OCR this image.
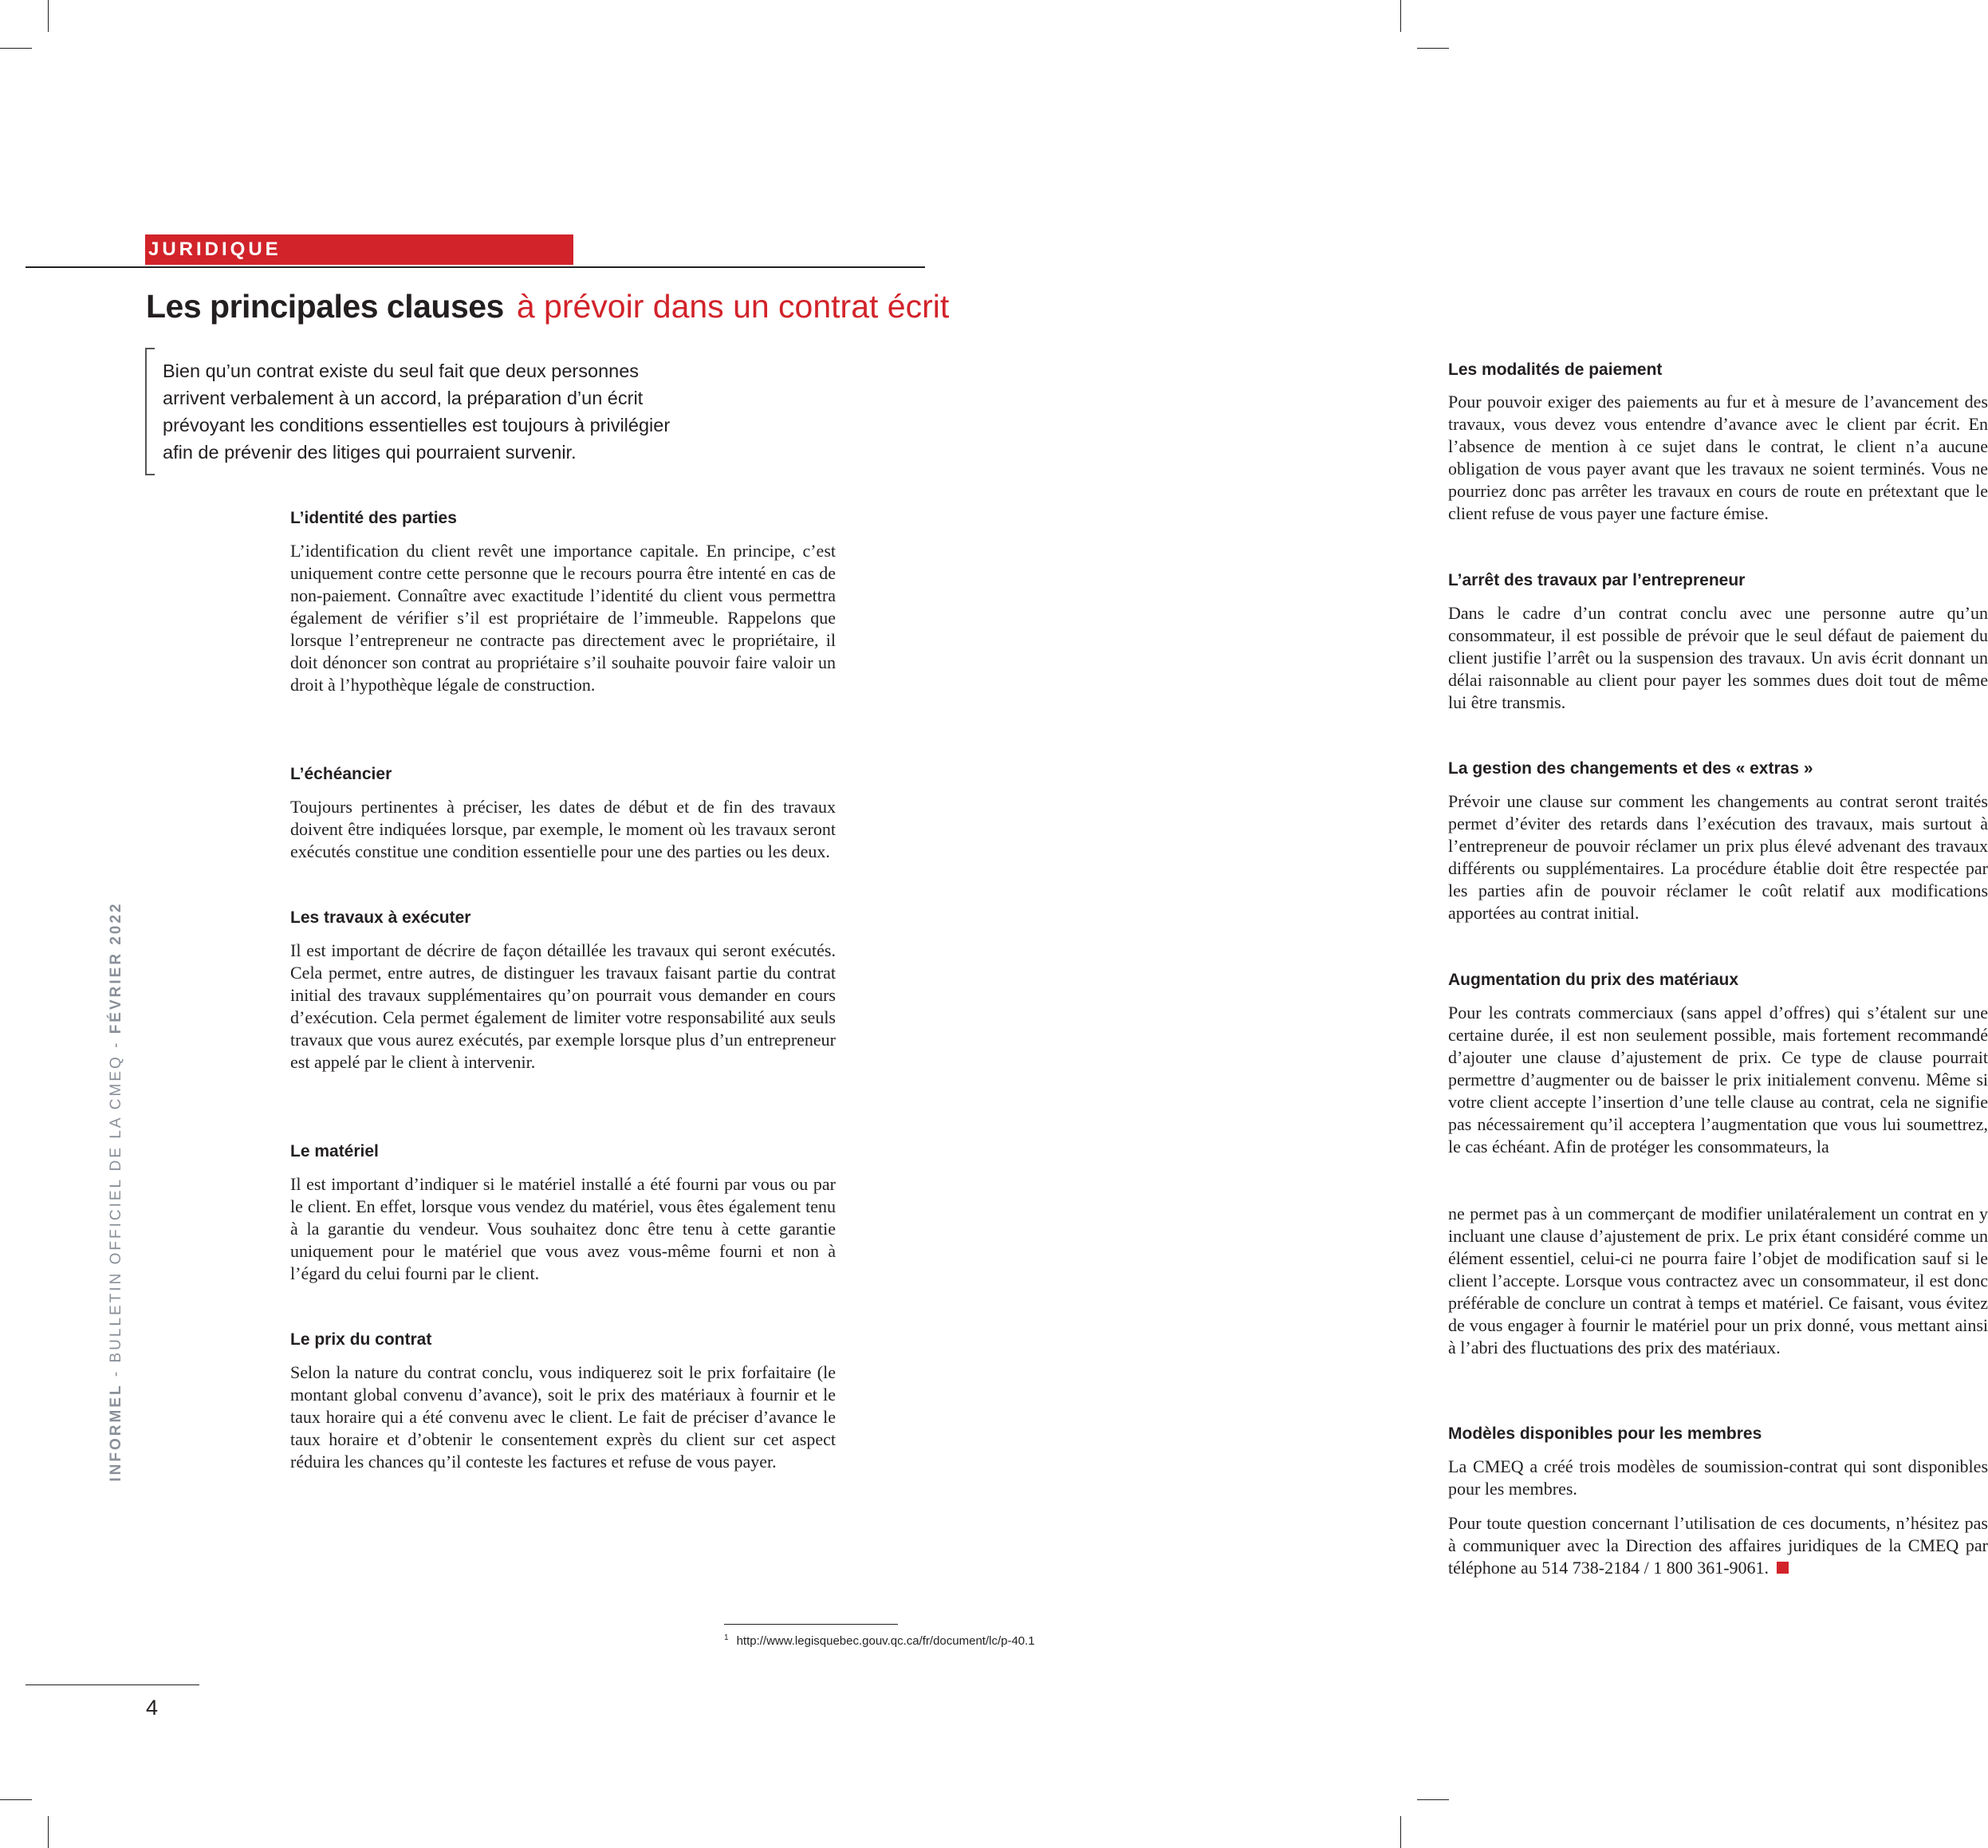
JURIDIQUE
Les principales clauses à prévoir dans un contrat écrit
INFORMEL - BULLETIN OFFICIEL DE LA CMEQ - FÉVRIER 2022

Bien qu’un contrat existe du seul fait que deux personnes arrivent verbalement à un accord, la préparation d’un écrit prévoyant les conditions essentielles est toujours à privilégier afin de prévenir des litiges qui pourraient survenir.

L’identité des parties

L’identification du client revêt une importance capitale. En principe, c’est uniquement contre cette personne que le recours pourra être intenté en cas de non-paiement. Connaître avec exactitude l’identité du client vous permettra également de vérifier s’il est propriétaire de l’immeuble. Rappelons que lorsque l’entrepreneur ne contracte pas directement avec le propriétaire, il doit dénoncer son contrat au propriétaire s’il souhaite pouvoir faire valoir un droit à l’hypothèque légale de construction.

L’échéancier

Toujours pertinentes à préciser, les dates de début et de fin des travaux doivent être indiquées lorsque, par exemple, le moment où les travaux seront exécutés constitue une condition essentielle pour une des parties ou les deux.

Les travaux à exécuter

Il est important de décrire de façon détaillée les travaux qui seront exécutés. Cela permet, entre autres, de distinguer les travaux faisant partie du contrat initial des travaux supplémentaires qu’on pourrait vous demander en cours d’exécution. Cela permet également de limiter votre responsabilité aux seuls travaux que vous aurez exécutés, par exemple lorsque plus d’un entrepreneur est appelé par le client à intervenir.

Le matériel

Il est important d’indiquer si le matériel installé a été fourni par vous ou par le client. En effet, lorsque vous vendez du matériel, vous êtes également tenu à la garantie du vendeur. Vous souhaitez donc être tenu à cette garantie uniquement pour le matériel que vous avez vous-même fourni et non à l’égard du celui fourni par le client.

Le prix du contrat

Selon la nature du contrat conclu, vous indiquerez soit le prix forfaitaire (le montant global convenu d’avance), soit le prix des matériaux à fournir et le taux horaire qui a été convenu avec le client. Le fait de préciser d’avance le taux horaire et d’obtenir le consentement exprès du client sur cet aspect réduira les chances qu’il conteste les factures et refuse de vous payer.

Les modalités de paiement

Pour pouvoir exiger des paiements au fur et à mesure de l’avancement des travaux, vous devez vous entendre d’avance avec le client par écrit. En l’absence de mention à ce sujet dans le contrat, le client n’a aucune obligation de vous payer avant que les travaux ne soient terminés. Vous ne pourriez donc pas arrêter les travaux en cours de route en prétextant que le client refuse de vous payer une facture émise.

L’arrêt des travaux par l’entrepreneur

Dans le cadre d’un contrat conclu avec une personne autre qu’un consommateur, il est possible de prévoir que le seul défaut de paiement du client justifie l’arrêt ou la suspension des travaux. Un avis écrit donnant un délai raisonnable au client pour payer les sommes dues doit tout de même lui être transmis.

La gestion des changements et des « extras »

Prévoir une clause sur comment les changements au contrat seront traités permet d’éviter des retards dans l’exécution des travaux, mais surtout à l’entrepreneur de pouvoir réclamer un prix plus élevé advenant des travaux différents ou supplémentaires. La procédure établie doit être respectée par les parties afin de pouvoir réclamer le coût relatif aux modifications apportées au contrat initial.

Augmentation du prix des matériaux

Pour les contrats commerciaux (sans appel d’offres) qui s’étalent sur une certaine durée, il est non seulement possible, mais fortement recommandé d’ajouter une clause d’ajustement de prix. Ce type de clause pourrait permettre d’augmenter ou de baisser le prix initialement convenu. Même si votre client accepte l’insertion d’une telle clause au contrat, cela ne signifie pas nécessairement qu’il acceptera l’augmentation que vous lui soumettrez, le cas échéant. Afin de protéger les consommateurs, la

ne permet pas à un commerçant de modifier unilatéralement un contrat en y incluant une clause d’ajustement de prix. Le prix étant considéré comme un élément essentiel, celui-ci ne pourra faire l’objet de modification sauf si le client l’accepte. Lorsque vous contractez avec un consommateur, il est donc préférable de conclure un contrat à temps et matériel. Ce faisant, vous évitez de vous engager à fournir le matériel pour un prix donné, vous mettant ainsi à l’abri des fluctuations des prix des matériaux.

Modèles disponibles pour les membres

La CMEQ a créé trois modèles de soumission-contrat qui sont disponibles pour les membres.

Pour toute question concernant l’utilisation de ces documents, n’hésitez pas à communiquer avec la Direction des affaires juridiques de la CMEQ par téléphone au 514 738-2184 / 1 800 361-9061.

$^1$ http://www.legisquebec.gouv.qc.ca/fr/document/lc/p-40.1
4
